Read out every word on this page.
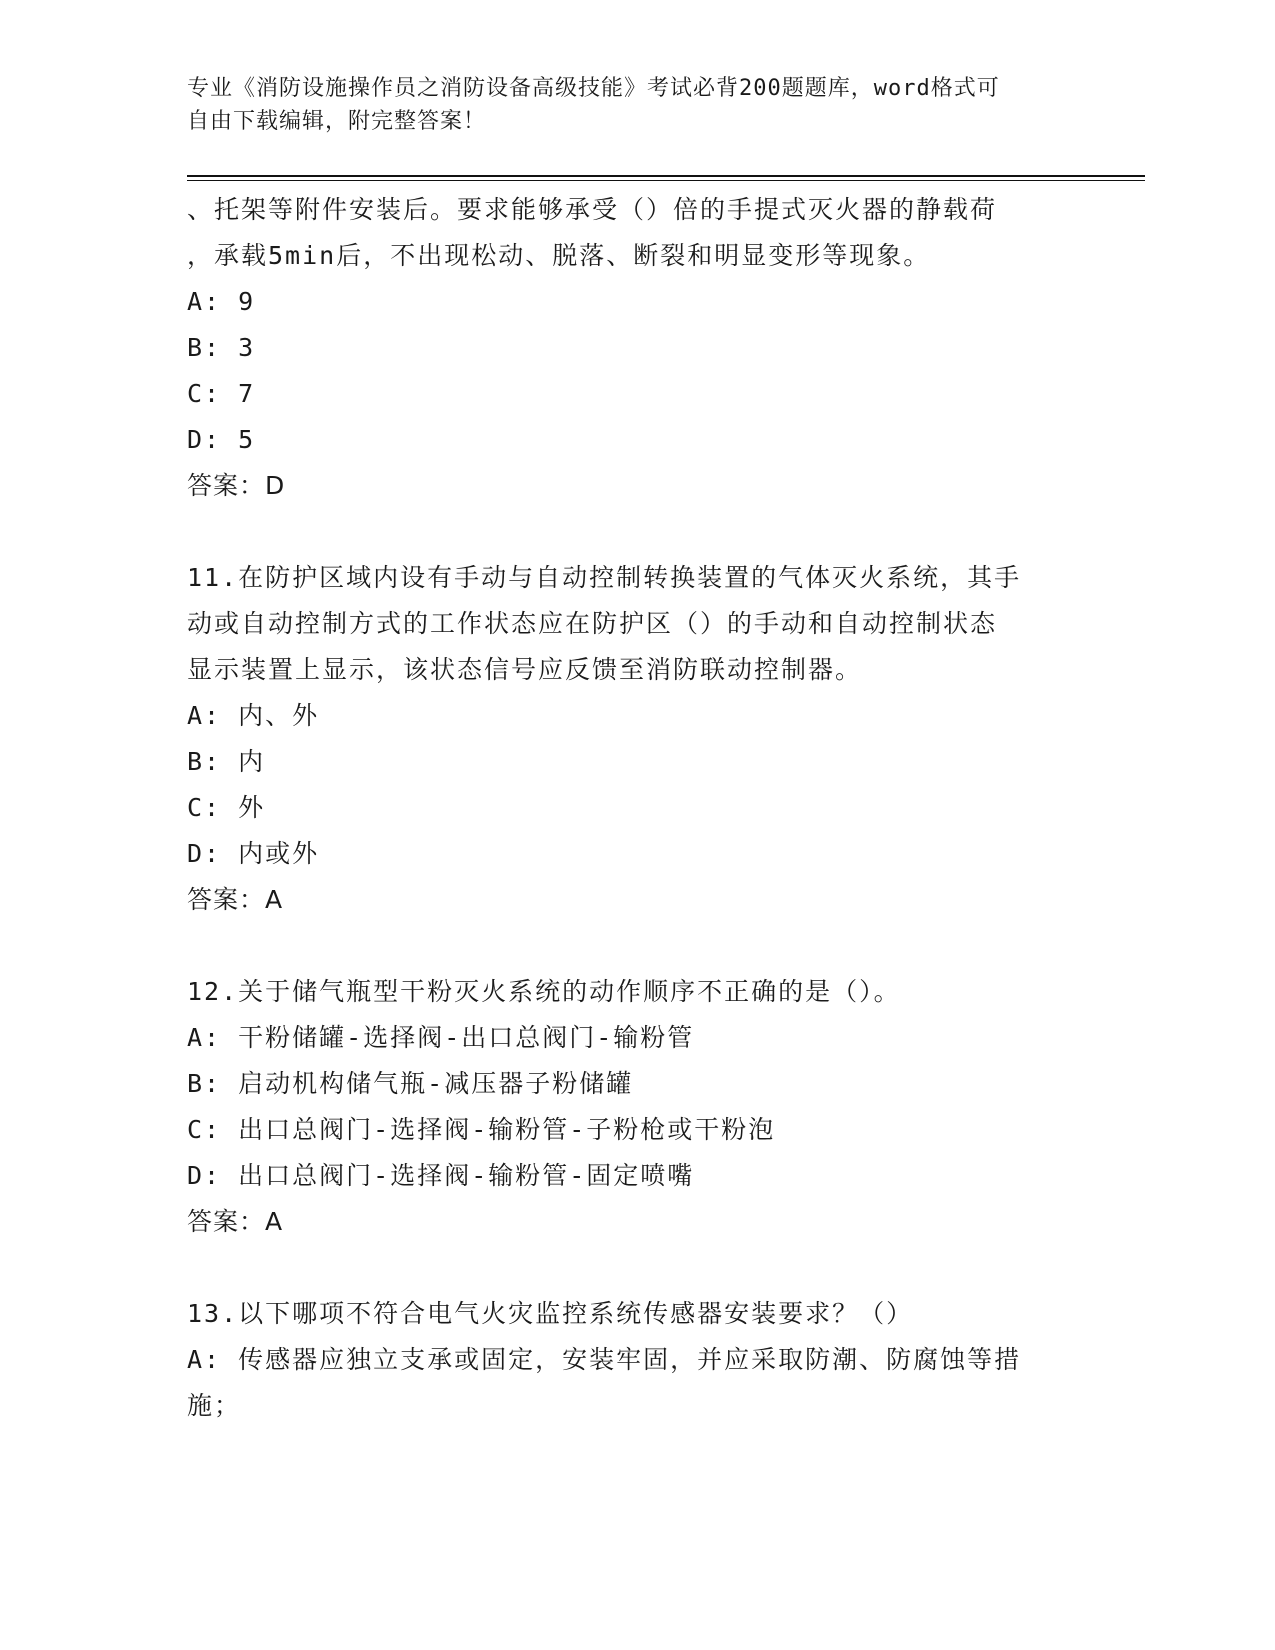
专业《消防设施操作员之消防设备高级技能》考试必背200题题库，word格式可
自由下载编辑，附完整答案！
、托架等附件安装后。要求能够承受（）倍的手提式灭火器的静载荷
，承载5min后，不出现松动、脱落、断裂和明显变形等现象。
A: 9
B: 3
C: 7
D: 5
答案：D
11.在防护区域内设有手动与自动控制转换装置的气体灭火系统，其手
动或自动控制方式的工作状态应在防护区（）的手动和自动控制状态
显示装置上显示，该状态信号应反馈至消防联动控制器。
A: 内、外
B: 内
C: 外
D: 内或外
答案：A
12.关于储气瓶型干粉灭火系统的动作顺序不正确的是（）。
A: 干粉储罐-选择阀-出口总阀门-输粉管
B: 启动机构储气瓶-减压器子粉储罐
C: 出口总阀门-选择阀-输粉管-子粉枪或干粉泡
D: 出口总阀门-选择阀-输粉管-固定喷嘴
答案：A
13.以下哪项不符合电气火灾监控系统传感器安装要求？（）
A: 传感器应独立支承或固定，安装牢固，并应采取防潮、防腐蚀等措
施；
